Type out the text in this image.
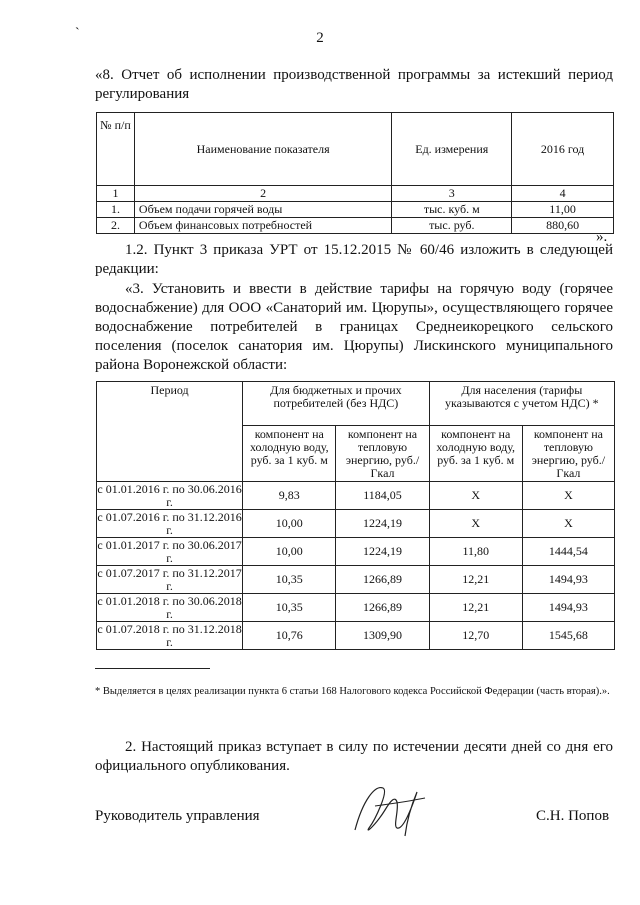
`	2
«8. Отчет об исполнении производственной программы за истекший период
регулирования
№ п/п	Наименование показателя	Ед. измерения	2016 год
1	2	3	4
1.	Объем подачи горячей воды	тыс. куб. м	11,00
2.	Объем финансовых потребностей	тыс. руб.	880,60
».

1.2. Пункт 3 приказа УРТ от 15.12.2015 № 60/46 изложить в следующей редакции:

«3. Установить и ввести в действие тарифы на горячую воду (горячее водоснабжение) для ООО «Санаторий им. Цюрупы», осуществляющего горячее водоснабжение потребителей в границах Среднеикорецкого сельского поселения (поселок санатория им. Цюрупы) Лискинского муниципального района Воронежской области:

Период	Для бюджетных и прочих потребителей (без НДС)		Для населения (тарифы указываются с учетом НДС) *	
	компонент на холодную воду, руб. за 1 куб. м	компонент на тепловую энергию, руб./Гкал	компонент на холодную воду, руб. за 1 куб. м	компонент на тепловую энергию, руб./Гкал
с 01.01.2016 г. по 30.06.2016 г.	9,83	1184,05	Х	Х
с 01.07.2016 г. по 31.12.2016 г.	10,00	1224,19	Х	Х
с 01.01.2017 г. по 30.06.2017 г.	10,00	1224,19	11,80	1444,54
с 01.07.2017 г. по 31.12.2017 г.	10,35	1266,89	12,21	1494,93
с 01.01.2018 г. по 30.06.2018 г.	10,35	1266,89	12,21	1494,93
с 01.07.2018 г. по 31.12.2018 г.	10,76	1309,90	12,70	1545,68

* Выделяется в целях реализации пункта 6 статьи 168 Налогового кодекса Российской Федерации (часть вторая).».

2. Настоящий приказ вступает в силу по истечении десяти дней со дня его официального опубликования.

Руководитель управления	С.Н. Попов
